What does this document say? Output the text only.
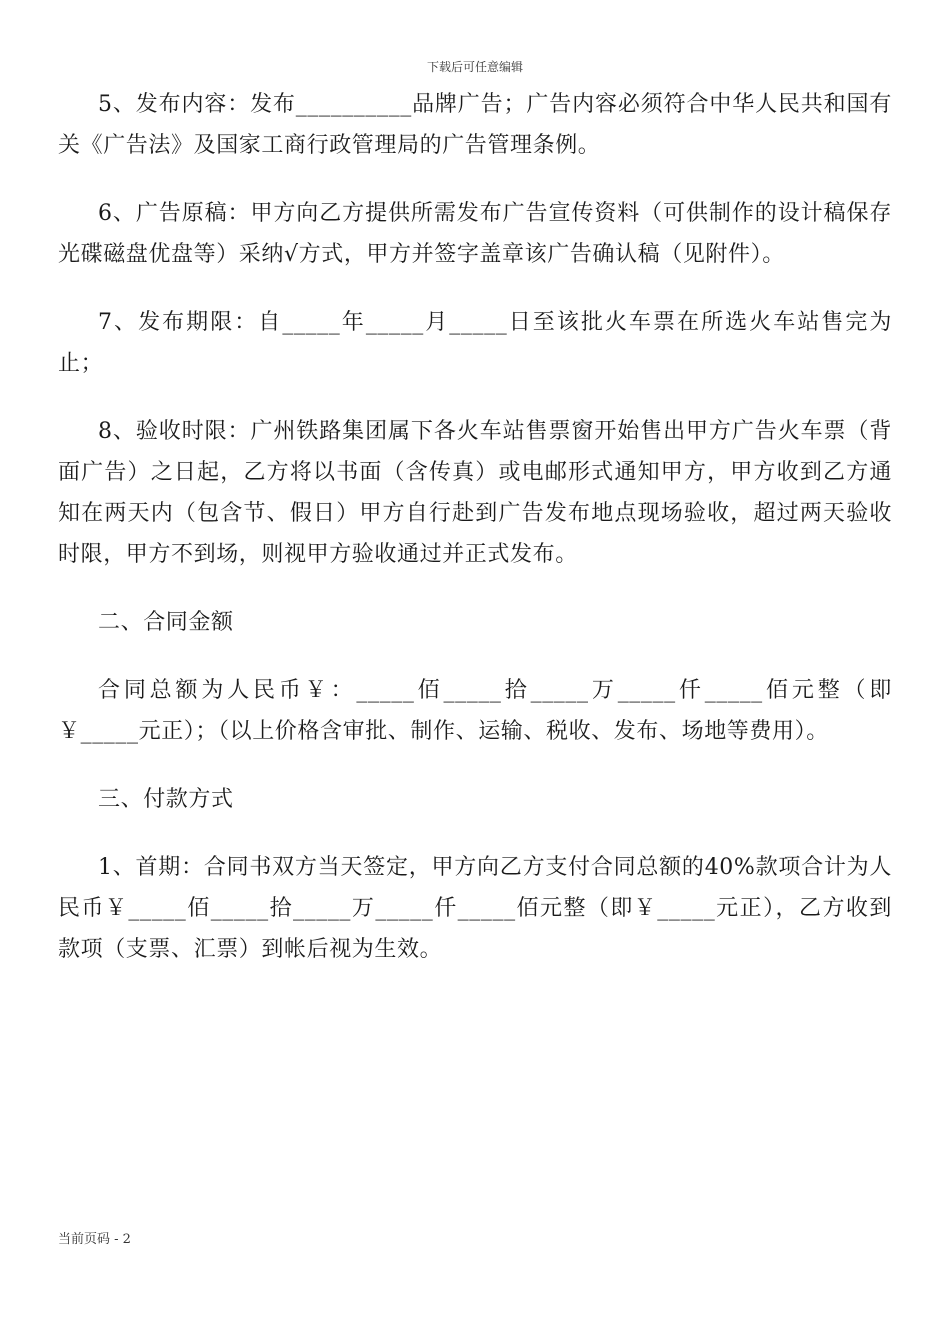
下载后可任意编辑

5、发布内容：发布__________品牌广告；广告内容必须符合中华人民共和国有关《广告法》及国家工商行政管理局的广告管理条例。

6、广告原稿：甲方向乙方提供所需发布广告宣传资料（可供制作的设计稿保存光碟磁盘优盘等）采纳√方式，甲方并签字盖章该广告确认稿（见附件）。

7、发布期限：自_____年_____月_____日至该批火车票在所选火车站售完为止；

8、验收时限：广州铁路集团属下各火车站售票窗开始售出甲方广告火车票（背面广告）之日起，乙方将以书面（含传真）或电邮形式通知甲方，甲方收到乙方通知在两天内（包含节、假日）甲方自行赴到广告发布地点现场验收，超过两天验收时限，甲方不到场，则视甲方验收通过并正式发布。

二、合同金额

合同总额为人民币￥：_____佰_____拾_____万_____仟_____佰元整（即￥_____元正）；（以上价格含审批、制作、运输、税收、发布、场地等费用）。

三、付款方式

1、首期：合同书双方当天签定，甲方向乙方支付合同总额的40%款项合计为人民币￥_____佰_____拾_____万_____仟_____佰元整（即￥_____元正），乙方收到款项（支票、汇票）到帐后视为生效。

当前页码 - 2
